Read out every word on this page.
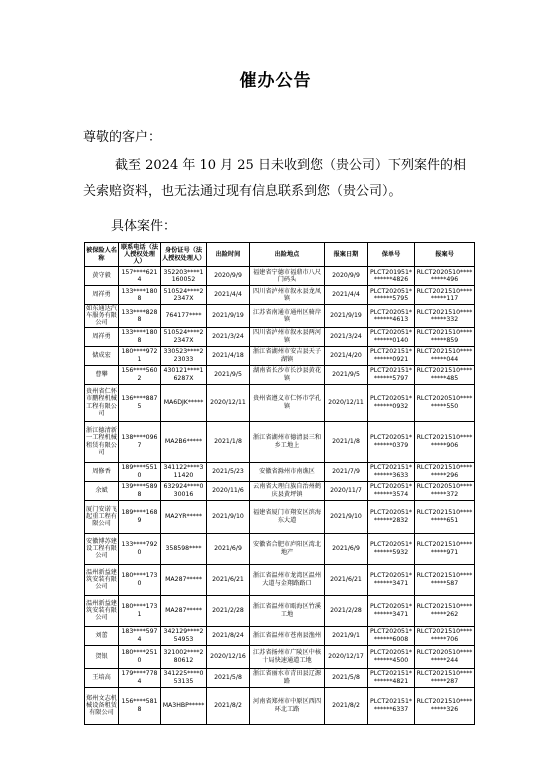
催办公告
尊敬的客户：
截至 2024 年 10 月 25 日未收到您（贵公司）下列案件的相关索赔资料，也无法通过现有信息联系到您（贵公司）。
具体案件：
被保险人名称	联系电话（法人授权处理人）	身份证号（法人授权处理人）	出险时间	出险地点	报案日期	保单号	报案号
黄守毅	157****6214	352203****1160052	2020/9/9	福建省宁德市福鼎市八尺门码头	2020/9/9	PLCT201951*******4826	RLCT2020510*********496
周祥勇	133****1808	510524****22347X	2021/4/4	四川省泸州市叙永县龙凤镇	2021/4/4	PLCT202051*******5795	RLCT2021510*********117
如东通达汽车服务有限公司	133****8288	764177****	2021/9/19	江苏省南通市通州区骑岸镇	2021/9/19	PLCT202051*******4613	RLCT2021510*********332
周祥勇	133****1808	510524****22347X	2021/3/24	四川省泸州市叙永县两河镇	2021/3/24	PLCT202051*******0140	RLCT2021510*********859
储成宏	180****9721	330523****223033	2021/4/18	浙江省湖州市安吉县天子湖镇	2021/4/20	PLCT202151*******0921	RLCT2021510*********044
曹攀	156****5602	430121****16287X	2021/9/5	湖南省长沙市长沙县黄花镇	2021/9/5	PLCT202151*******5797	RLCT2021510*********485
贵州省仁怀市鹏程机械工程有限公司	136****8875	MA6DJK*****	2020/12/11	贵州省遵义市仁怀市学孔镇	2020/12/11	PLCT202051*******0932	RLCT2020510*********550
浙江德清新一工程机械租赁有限公司	138****0967	MA2B6*****	2021/1/8	浙江省湖州市德清县三和乡工地上	2021/1/8	PLCT202051*******0379	RLCT2021510*********906
周修香	189****5510	341122****311420	2021/5/23	安徽省滁州市南谯区	2021/7/9	PLCT202151*******3633	RLCT2021510*********296
余斌	139****5898	632924****030016	2020/11/6	云南省大理白族自治州鹤庆县黄坪镇	2020/11/7	PLCT202051*******3574	RLCT2020510*********372
厦门安诺飞起重工程有限公司	189****1689	MA2YR*****	2021/9/10	福建省厦门市翔安区滨海东大道	2021/9/10	PLCT202051*******2832	RLCT2021510*********651
安徽博苏建设工程有限公司	133****7920	358598****	2021/6/9	安徽省合肥市庐阳区湾北地产	2021/6/9	PLCT202051*******5932	RLCT2021510*********971
温州新益建筑安装有限公司	180****1730	MA287*****	2021/6/21	浙江省温州市龙湾区温州大道与金翔路路口	2021/6/21	PLCT202051*******3471	RLCT2021510*********587
温州新益建筑安装有限公司	180****1731	MA287*****	2021/2/28	浙江省温州市瓯海区竹溪工地	2021/2/28	PLCT202051*******3471	RLCT2021510*********262
刘蕾	183****5974	342129****254953	2021/8/24	浙江省温州市苍南县渔州	2021/9/1	PLCT202051*******6008	RLCT2021510*********706
贺银	180****2510	321002****280612	2020/12/16	江苏省扬州市广陵区中核十局快速通道工地	2020/12/17	PLCT202051*******4500	RLCT2020510*********244
王培高	179****7784	341225****053135	2021/5/8	浙江省丽水市青田县辽源路	2021/5/8	PLCT202151*******4821	RLCT2021510*********287
郑州文志机械设备租赁有限公司	156****5818	MA3HBP*****	2021/8/2	河南省郑州市中原区西四环北工路	2021/8/2	PLCT202151*******6337	RLCT2021510*********326
